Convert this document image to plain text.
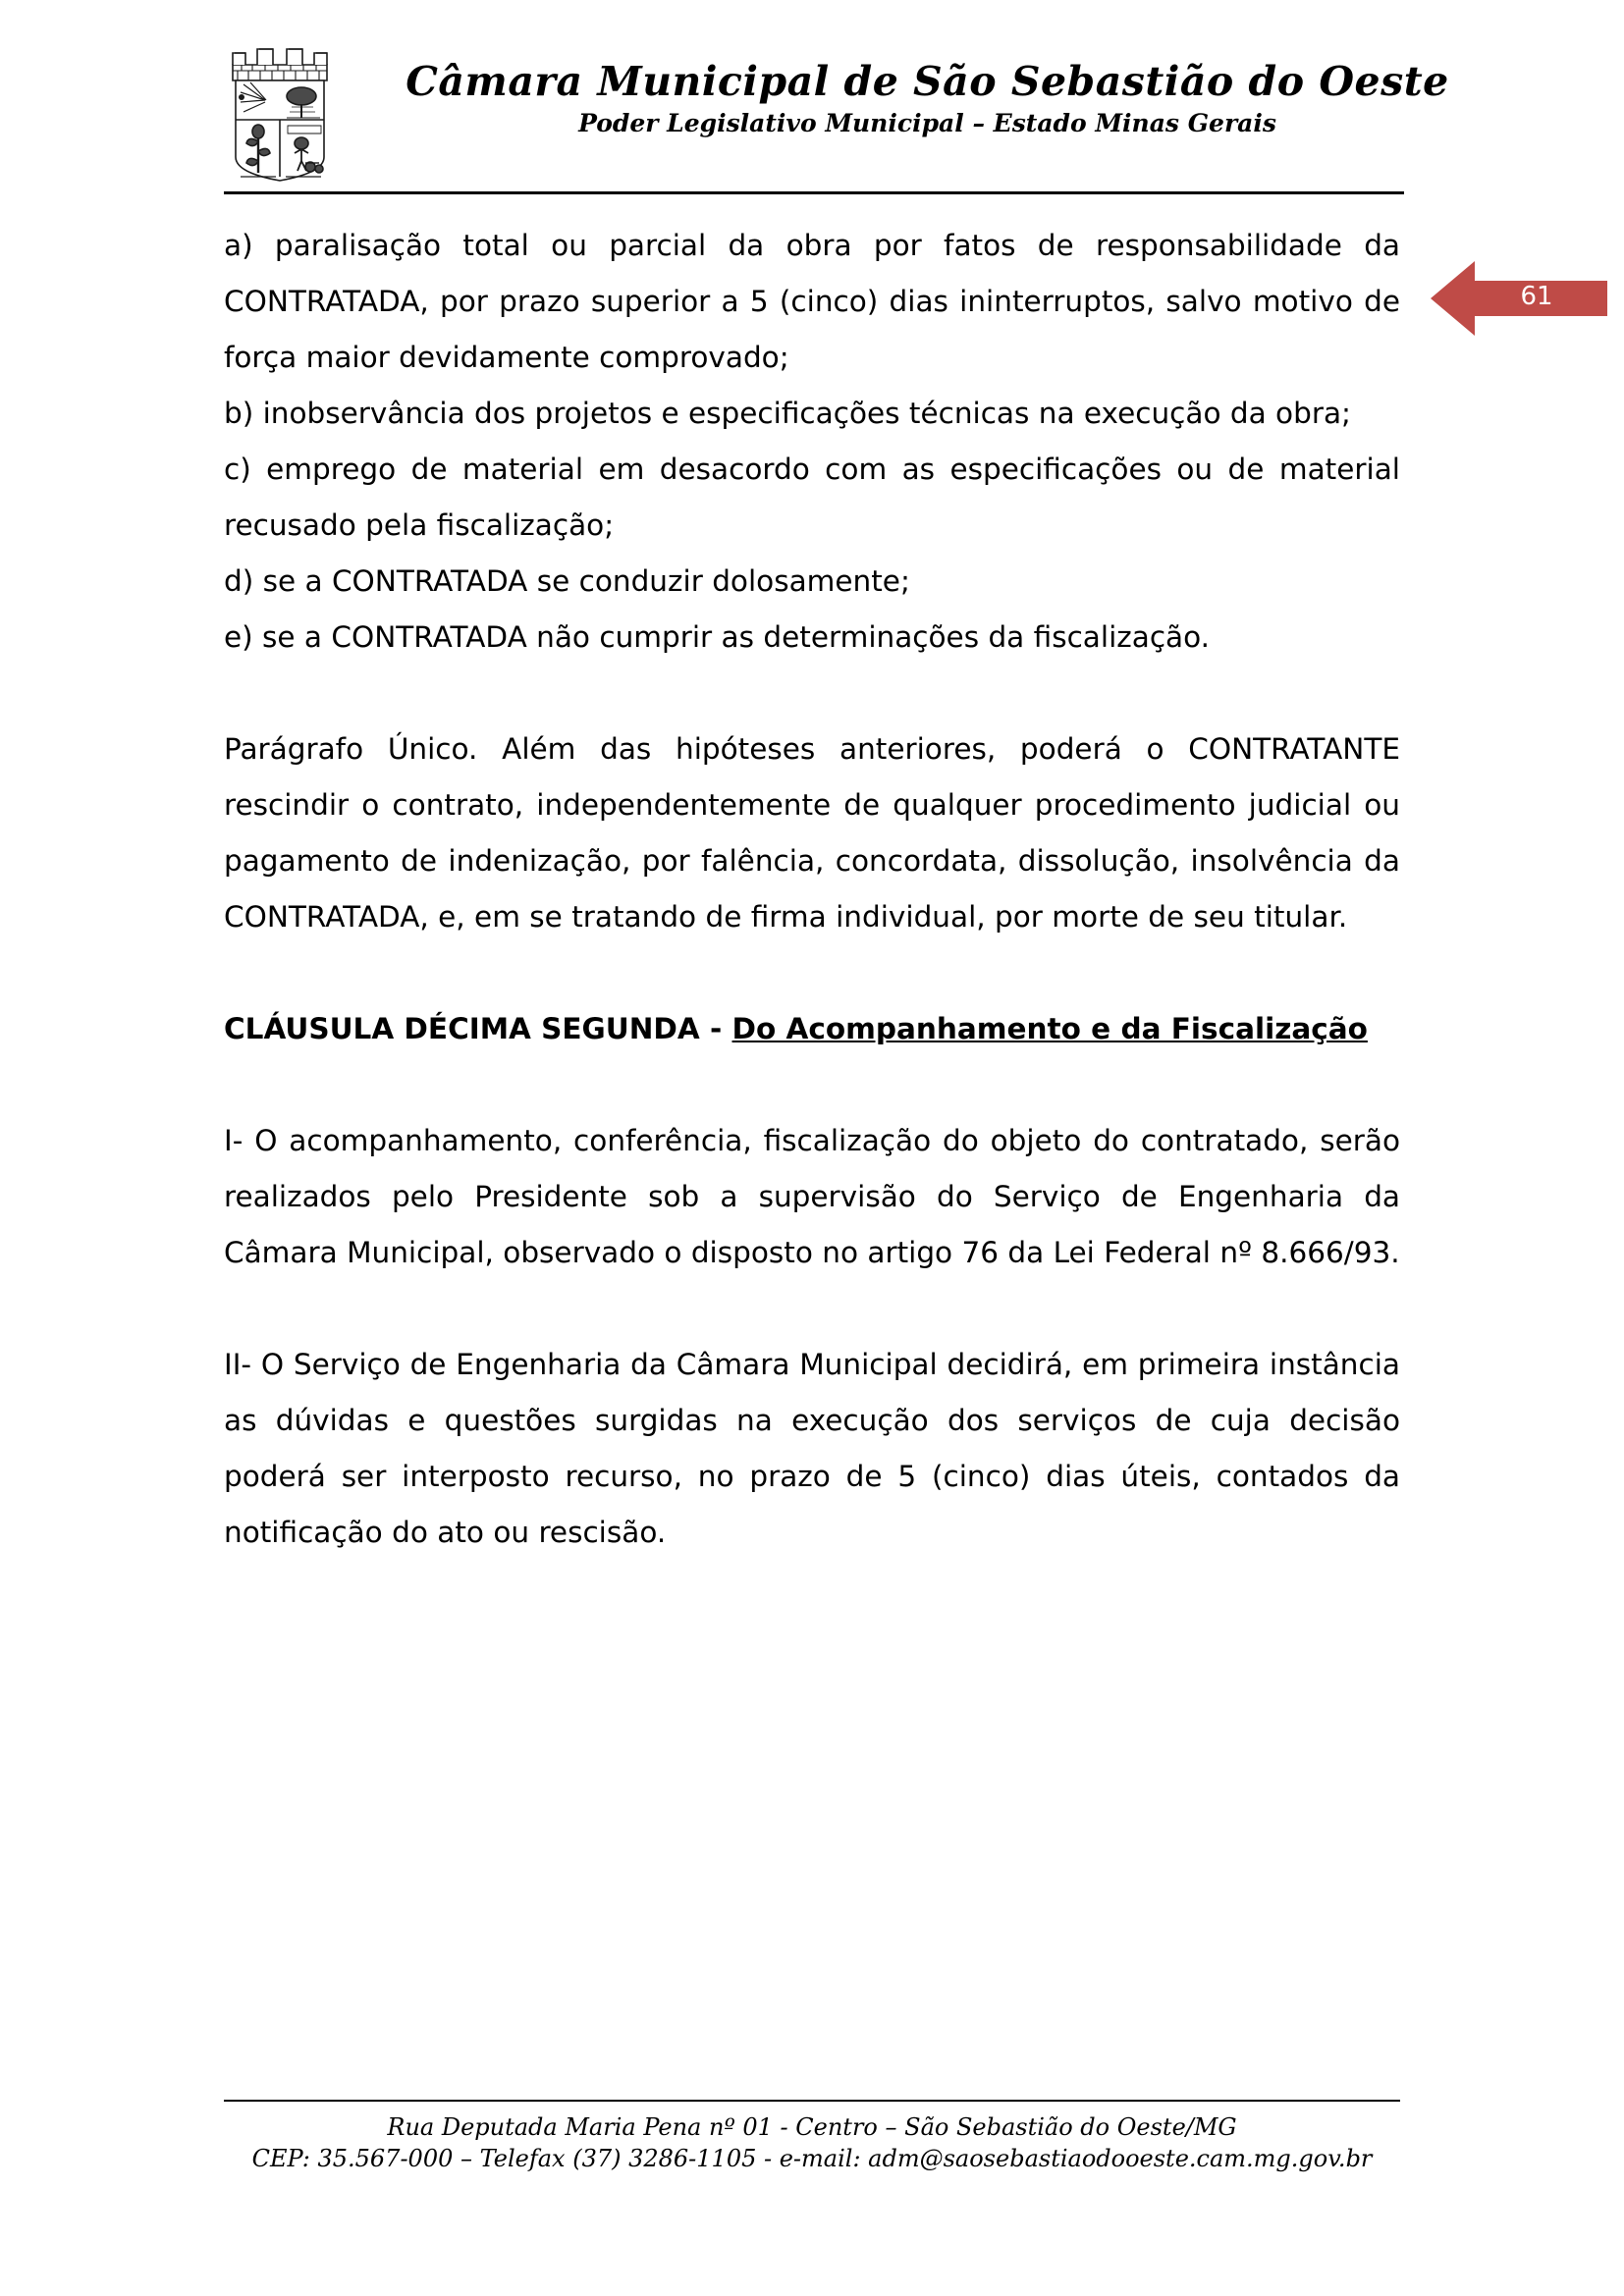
Câmara Municipal de São Sebastião do Oeste
Poder Legislativo Municipal – Estado Minas Gerais
61
a) paralisação total ou parcial da obra por fatos de responsabilidade da CONTRATADA, por prazo superior a 5 (cinco) dias ininterruptos, salvo motivo de força maior devidamente comprovado;
b) inobservância dos projetos e especificações técnicas na execução da obra;
c) emprego de material em desacordo com as especificações ou de material recusado pela fiscalização;
d) se a CONTRATADA se conduzir dolosamente;
e) se a CONTRATADA não cumprir as determinações da fiscalização.
Parágrafo Único. Além das hipóteses anteriores, poderá o CONTRATANTE rescindir o contrato, independentemente de qualquer procedimento judicial ou pagamento de indenização, por falência, concordata, dissolução, insolvência da CONTRATADA, e, em se tratando de firma individual, por morte de seu titular.
CLÁUSULA DÉCIMA SEGUNDA - Do Acompanhamento e da Fiscalização
I- O acompanhamento, conferência, fiscalização do objeto do contratado, serão realizados pelo Presidente sob a supervisão do Serviço de Engenharia da Câmara Municipal, observado o disposto no artigo 76 da Lei Federal nº 8.666/93.
II- O Serviço de Engenharia da Câmara Municipal decidirá, em primeira instância as dúvidas e questões surgidas na execução dos serviços de cuja decisão poderá ser interposto recurso, no prazo de 5 (cinco) dias úteis, contados da notificação do ato ou rescisão.
Rua Deputada Maria Pena nº 01 - Centro – São Sebastião do Oeste/MG
CEP: 35.567-000 – Telefax (37) 3286-1105 - e-mail: adm@saosebastiaodooeste.cam.mg.gov.br
